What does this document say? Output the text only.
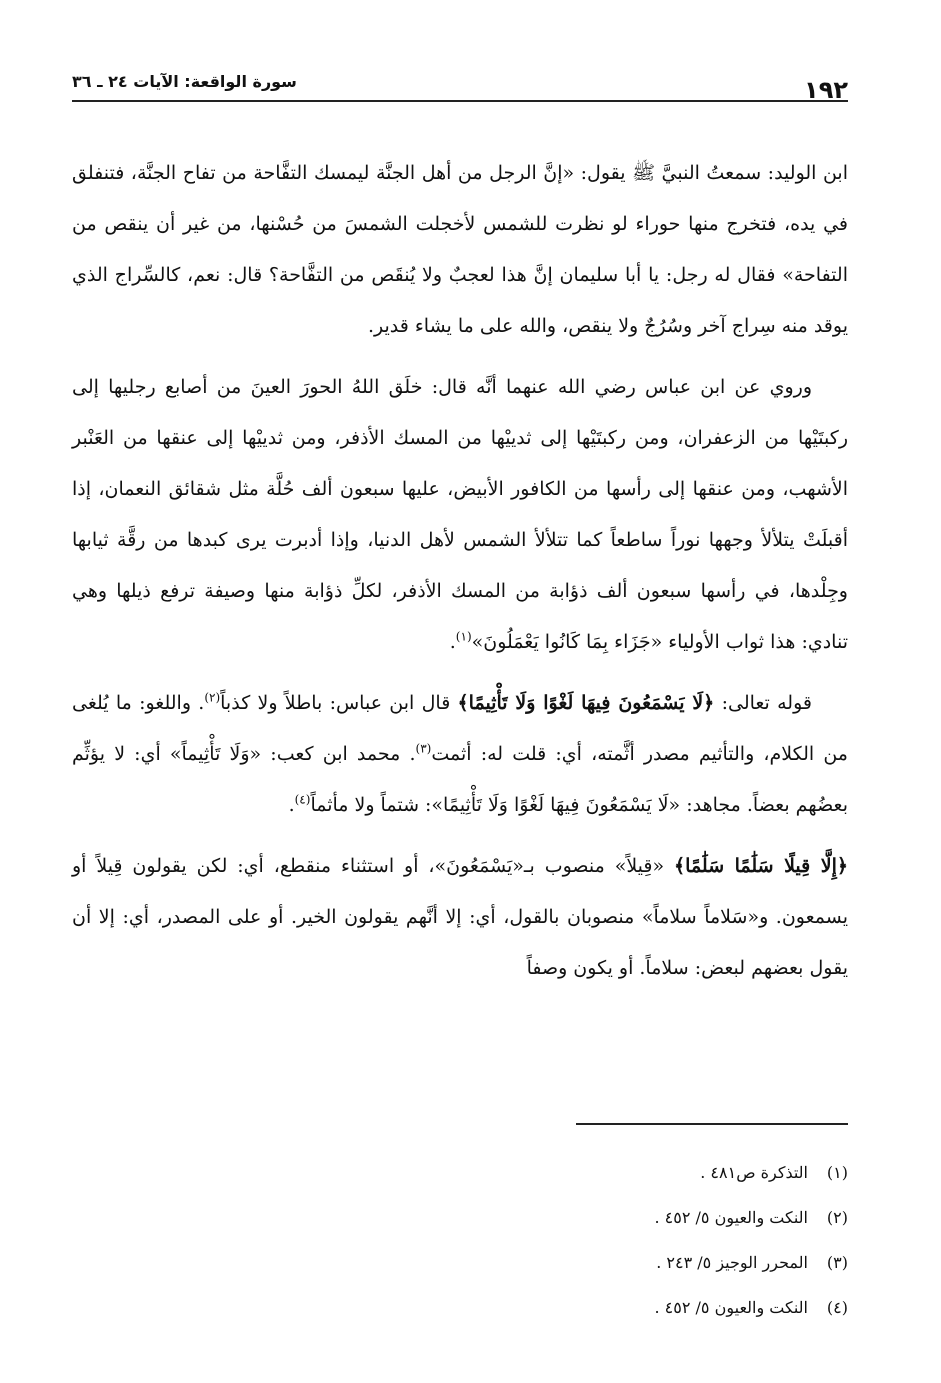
١٩٢
سورة الواقعة: الآيات ٢٤ ـ ٣٦

ابن الوليد: سمعتُ النبيَّ ﷺ يقول: «إنَّ الرجل من أهل الجنَّة ليمسك التفَّاحة من تفاح الجنَّة، فتنفلق في يده، فتخرج منها حوراء لو نظرت للشمس لأخجلت الشمسَ من حُسْنها، من غير أن ينقص من التفاحة» فقال له رجل: يا أبا سليمان إنَّ هذا لعجبٌ ولا يُنقَص من التفَّاحة؟ قال: نعم، كالسِّراج الذي يوقد منه سِراج آخر وسُرُجٌ ولا ينقص، والله على ما يشاء قدير.

وروي عن ابن عباس رضي الله عنهما أنَّه قال: خلَق اللهُ الحورَ العينَ من أصابع رجليها إلى ركبتَيْها من الزعفران، ومن ركبتَيْها إلى ثدييْها من المسك الأذفر، ومن ثدييْها إلى عنقها من العَنْبر الأشهب، ومن عنقها إلى رأسها من الكافور الأبيض، عليها سبعون ألف حُلَّة مثل شقائق النعمان، إذا أقبلَتْ يتلألأ وجهها نوراً ساطعاً كما تتلألأ الشمس لأهل الدنيا، وإذا أدبرت يرى كبدها من رقَّة ثيابها وجِلْدها، في رأسها سبعون ألف ذؤابة من المسك الأذفر، لكلِّ ذؤابة منها وصيفة ترفع ذيلها وهي تنادي: هذا ثواب الأولياء «جَزَاء بِمَا كَانُوا يَعْمَلُونَ»$^{(١)}$.

قوله تعالى: ﴿لَا يَسْمَعُونَ فِيهَا لَغْوًا وَلَا تَأْثِيمًا﴾ قال ابن عباس: باطلاً ولا كذباً$^{(٢)}$. واللغو: ما يُلغى من الكلام، والتأثيم مصدر أثَّمته، أي: قلت له: أثمت$^{(٣)}$. محمد ابن كعب: «وَلَا تَأْثِيماً» أي: لا يؤثِّم بعضُهم بعضاً. مجاهد: «لَا يَسْمَعُونَ فِيهَا لَغْوًا وَلَا تَأْثِيمًا»: شتماً ولا مأثماً$^{(٤)}$.

﴿إِلَّا قِيلًا سَلَٰمًا سَلَٰمًا﴾ «قِيلاً» منصوب بـ«يَسْمَعُونَ»، أو استثناء منقطع، أي: لكن يقولون قِيلاً أو يسمعون. و«سَلاماً سلاماً» منصوبان بالقول، أي: إلا أنَّهم يقولون الخير. أو على المصدر، أي: إلا أن يقول بعضهم لبعض: سلاماً. أو يكون وصفاً

(١)
التذكرة ص٤٨١ .
(٢)
النكت والعيون ٥/ ٤٥٢ .
(٣)
المحرر الوجيز ٥/ ٢٤٣ .
(٤)
النكت والعيون ٥/ ٤٥٢ .
